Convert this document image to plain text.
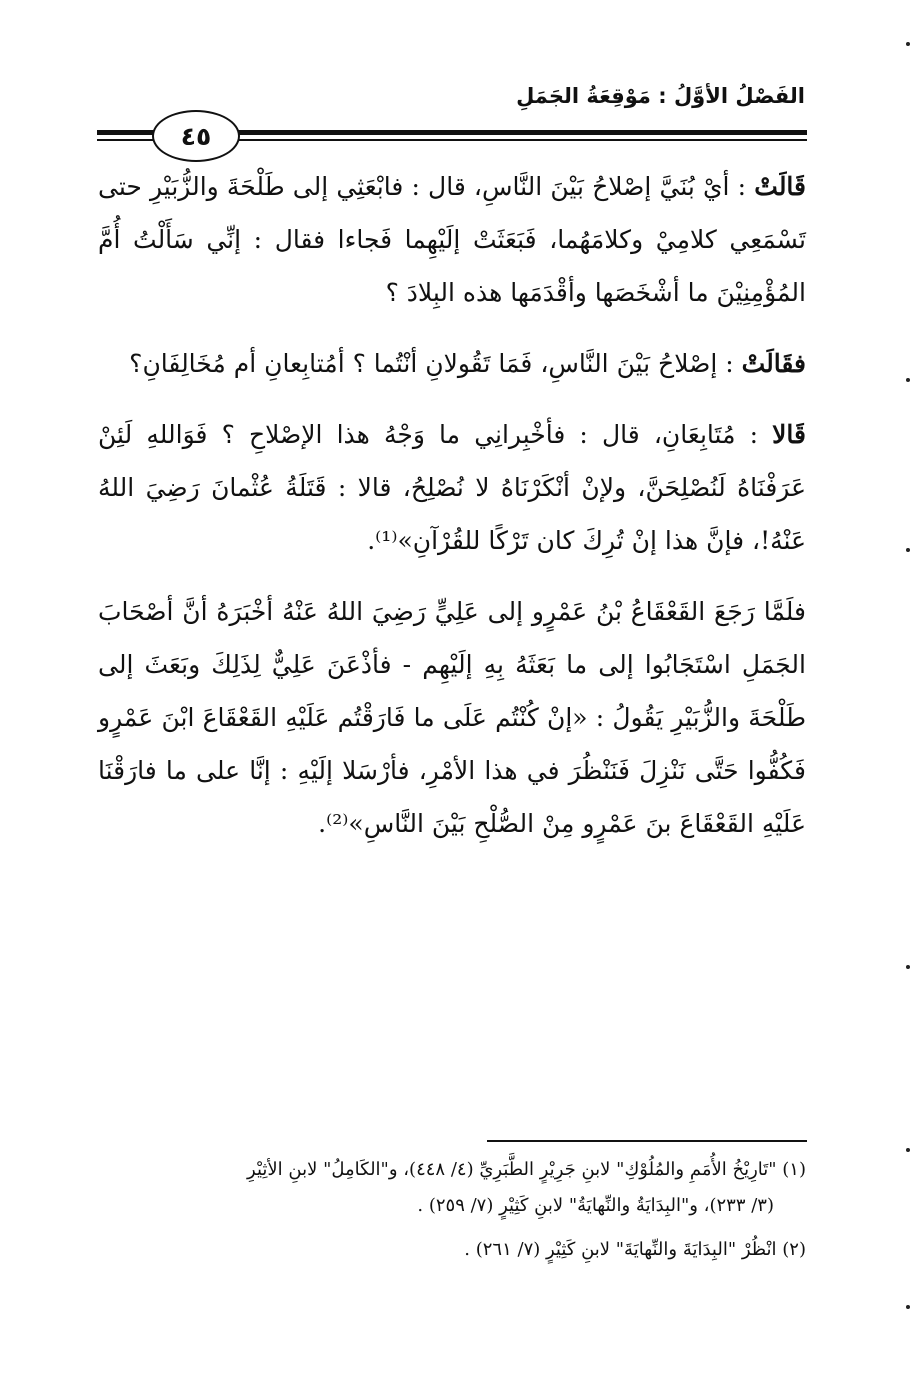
الفَصْلُ الأوَّلُ : مَوْقِعَةُ الجَمَلِ
٤٥

قَالَتْ : أيْ بُنَيَّ إصْلاحُ بَيْنَ النَّاسِ، قال : فابْعَثِي إلى طَلْحَةَ والزُّبَيْرِ حتى تَسْمَعِي كلامِيْ وكلامَهُما، فَبَعَثَتْ إلَيْهِما فَجاءا فقال : إنِّي سَأَلْتُ أُمَّ المُؤْمِنِيْنَ ما أشْخَصَها وأقْدَمَها هذه البِلادَ ؟

فقَالَتْ : إصْلاحُ بَيْنَ النَّاسِ، فَمَا تَقُولانِ أنْتُما ؟ أمُتابِعانِ أم مُخَالِفَانِ؟

قَالا : مُتَابِعَانِ، قال : فأخْبِرانِي ما وَجْهُ هذا الإصْلاحِ ؟ فَوَاللهِ لَئِنْ عَرَفْنَاهُ لَنُصْلِحَنَّ، ولإنْ أنْكَرْنَاهُ لا نُصْلِحُ، قالا : قَتَلَةُ عُثْمانَ رَضِيَ اللهُ عَنْهُ!، فإنَّ هذا إنْ تُرِكَ كان تَرْكًا للقُرْآنِ»⁽¹⁾.

فلَمَّا رَجَعَ القَعْقَاعُ بْنُ عَمْرٍو إلى عَلِيٍّ رَضِيَ اللهُ عَنْهُ أخْبَرَهُ أنَّ أصْحَابَ الجَمَلِ اسْتَجَابُوا إلى ما بَعَثَهُ بِهِ إلَيْهِم - فأذْعَنَ عَلِيٌّ لِذَلِكَ وبَعَثَ إلى طَلْحَةَ والزُّبَيْرِ يَقُولُ : «إنْ كُنْتُم عَلَى ما فَارَقْتُم عَلَيْهِ القَعْقَاعَ ابْنَ عَمْرٍو فَكُفُّوا حَتَّى نَنْزِلَ فَنَنْظُرَ في هذا الأمْرِ، فأرْسَلا إلَيْهِ : إنَّا على ما فارَقْنَا عَلَيْهِ القَعْقَاعَ بنَ عَمْرٍو مِنْ الصُّلْحِ بَيْنَ النَّاسِ»⁽²⁾.

(١) "تَارِيْخُ الأُمَمِ والمُلُوْكِ" لابنِ جَرِيْرٍ الطَّبَرِيِّ (٤/ ٤٤٨)، و"الكَامِلُ" لابنِ الأثِيْرِ
(٣/ ٢٣٣)، و"البِدَايَةُ والنِّهايَةُ" لابنِ كَثِيْرٍ (٧/ ٢٥٩) .
(٢) انْظُرْ "البِدَايَةَ والنِّهايَةَ" لابنِ كَثِيْرٍ (٧/ ٢٦١) .
